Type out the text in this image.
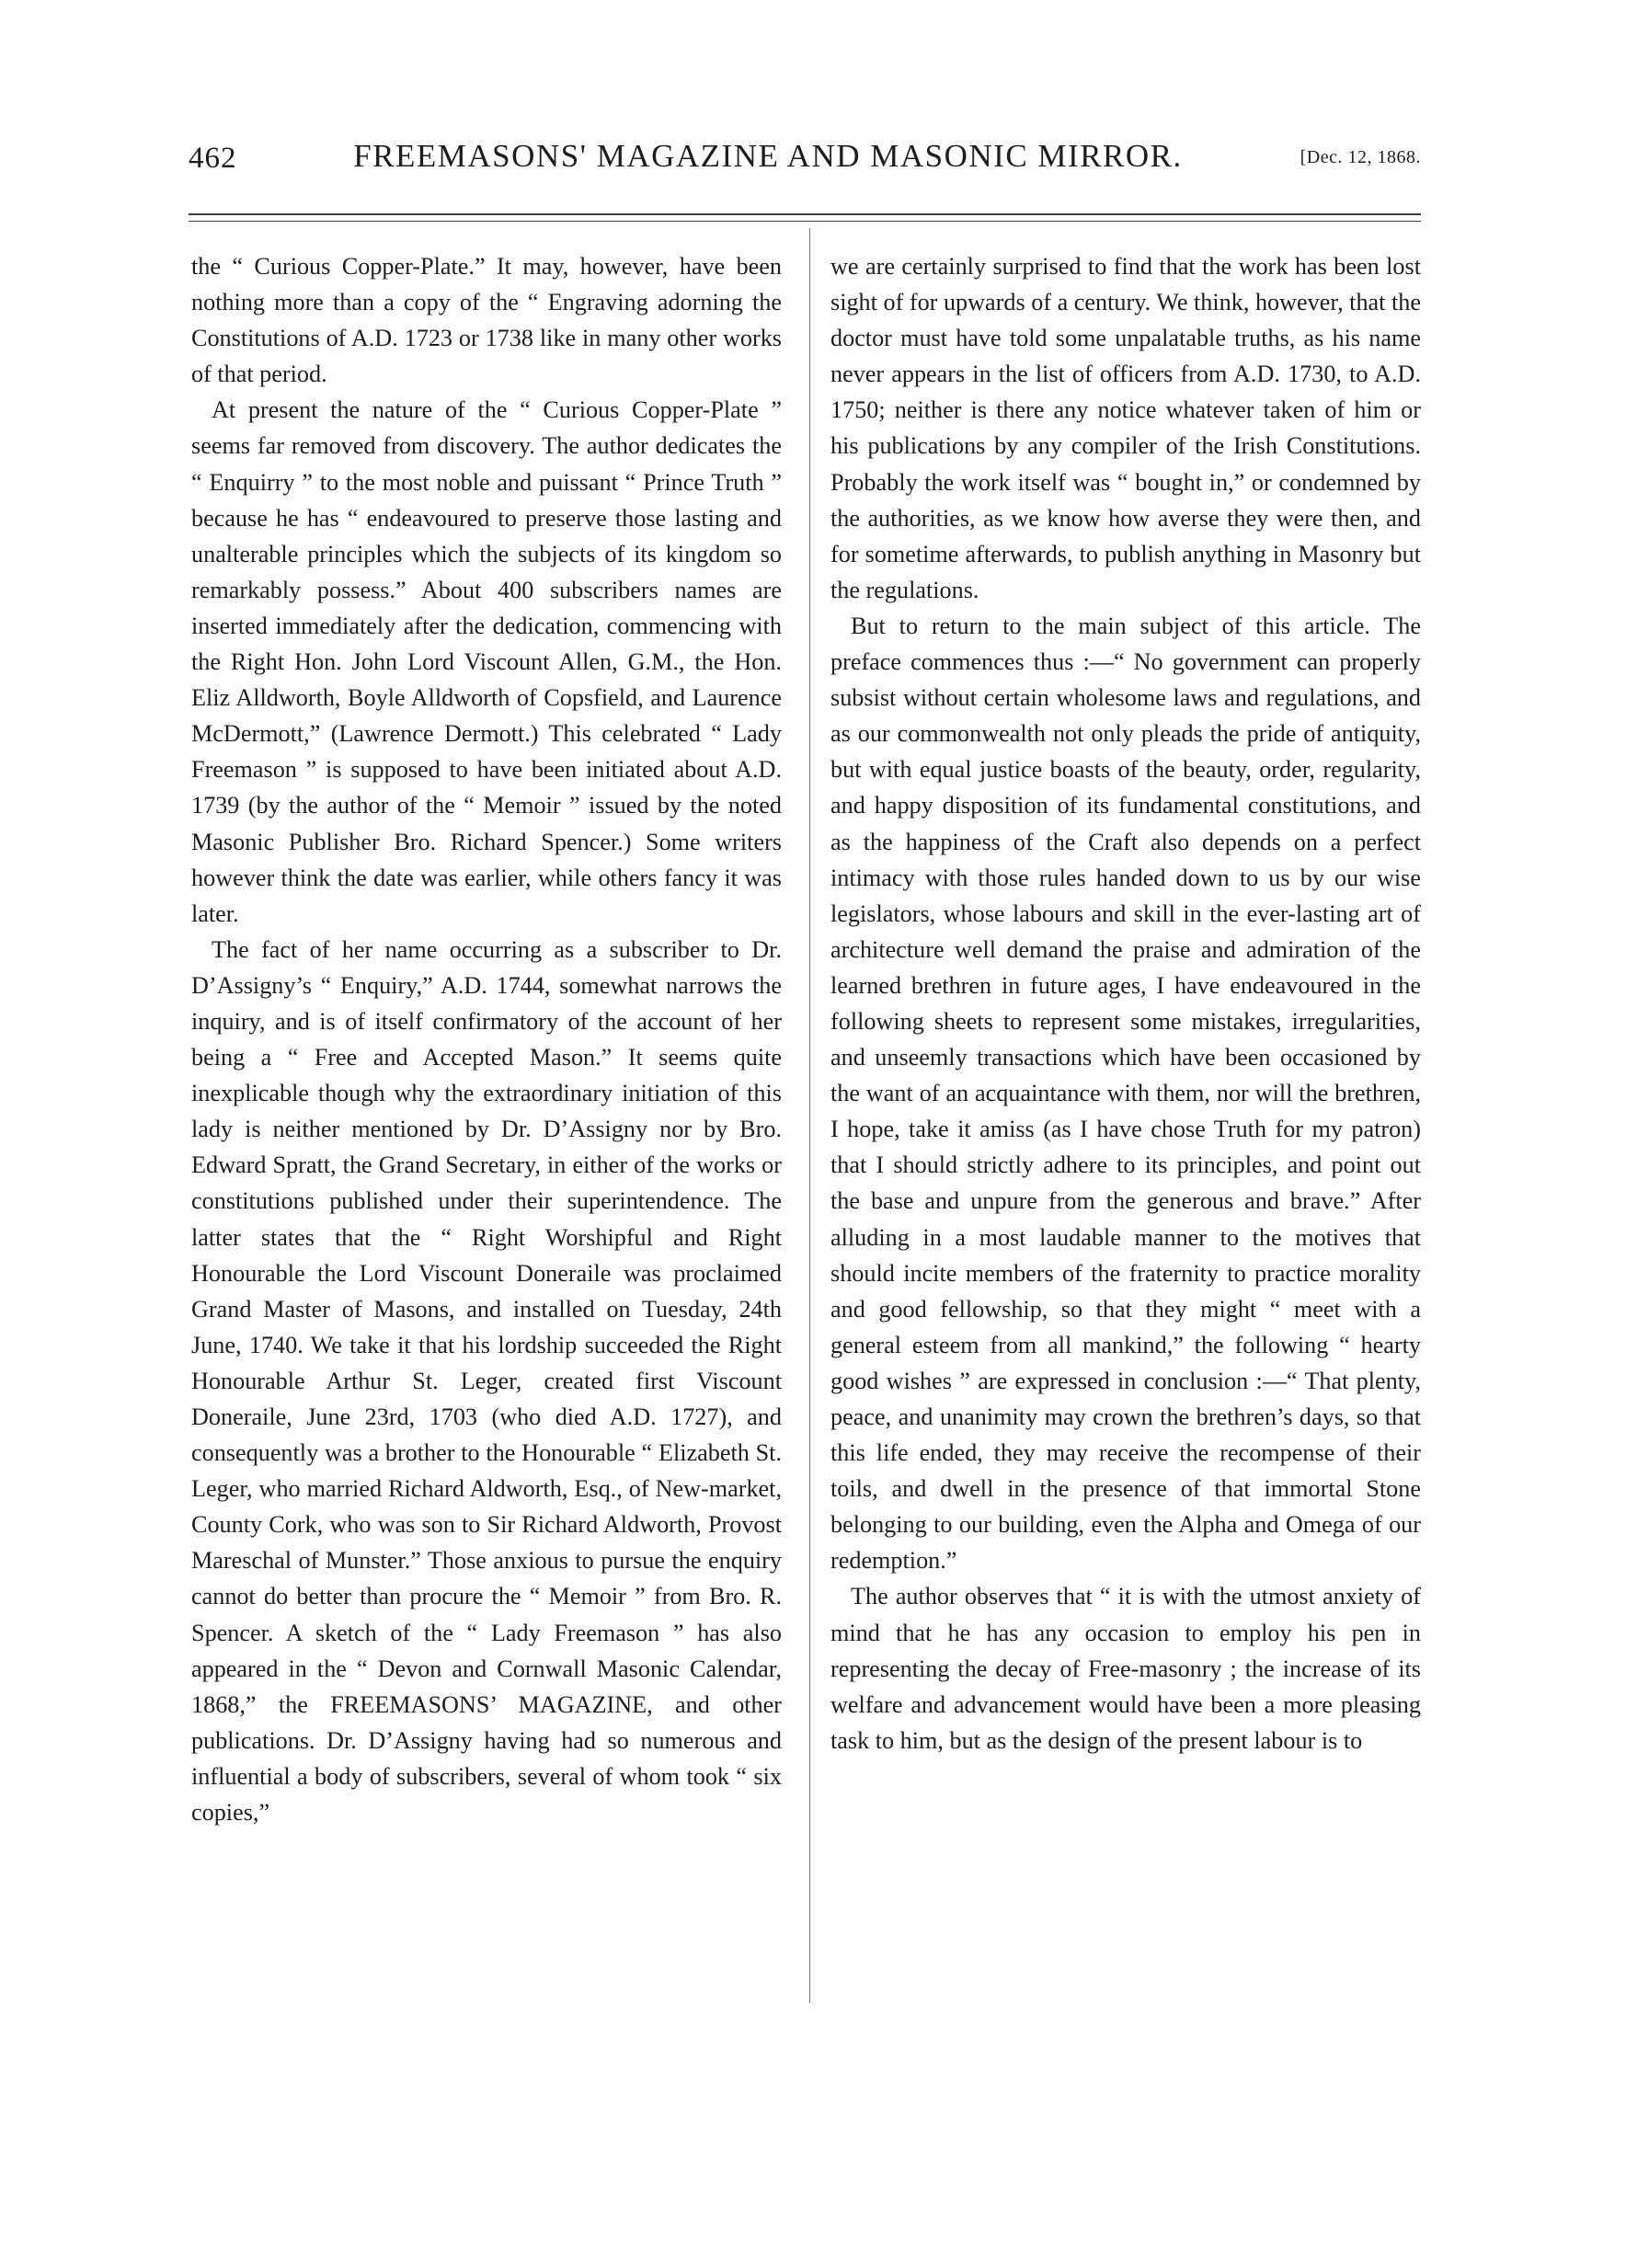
462	FREEMASONS' MAGAZINE AND MASONIC MIRROR.	[Dec. 12, 1868.

the “ Curious Copper-Plate.” It may, however, have been nothing more than a copy of the “ Engraving adorning the Constitutions of A.D. 1723 or 1738 like in many other works of that period.

At present the nature of the “ Curious Copper-Plate ” seems far removed from discovery. The author dedicates the “ Enquirry ” to the most noble and puissant “ Prince Truth ” because he has “ endeavoured to preserve those lasting and unalterable principles which the subjects of its kingdom so remarkably possess.” About 400 subscribers names are inserted immediately after the dedication, commencing with the Right Hon. John Lord Viscount Allen, G.M., the Hon. Eliz Alldworth, Boyle Alldworth of Copsfield, and Laurence McDermott,” (Lawrence Dermott.) This celebrated “ Lady Freemason ” is supposed to have been initiated about A.D. 1739 (by the author of the “ Memoir ” issued by the noted Masonic Publisher Bro. Richard Spencer.) Some writers however think the date was earlier, while others fancy it was later.

The fact of her name occurring as a subscriber to Dr. D’Assigny’s “ Enquiry,” A.D. 1744, somewhat narrows the inquiry, and is of itself confirmatory of the account of her being a “ Free and Accepted Mason.” It seems quite inexplicable though why the extraordinary initiation of this lady is neither mentioned by Dr. D’Assigny nor by Bro. Edward Spratt, the Grand Secretary, in either of the works or constitutions published under their superintendence. The latter states that the “ Right Worshipful and Right Honourable the Lord Viscount Doneraile was proclaimed Grand Master of Masons, and installed on Tuesday, 24th June, 1740. We take it that his lordship succeeded the Right Honourable Arthur St. Leger, created first Viscount Doneraile, June 23rd, 1703 (who died A.D. 1727), and consequently was a brother to the Honourable “ Elizabeth St. Leger, who married Richard Aldworth, Esq., of New-market, County Cork, who was son to Sir Richard Aldworth, Provost Mareschal of Munster.” Those anxious to pursue the enquiry cannot do better than procure the “ Memoir ” from Bro. R. Spencer. A sketch of the “ Lady Freemason ” has also appeared in the “ Devon and Cornwall Masonic Calendar, 1868,” the FREEMASONS’ MAGAZINE, and other publications. Dr. D’Assigny having had so numerous and influential a body of subscribers, several of whom took “ six copies,”

we are certainly surprised to find that the work has been lost sight of for upwards of a century. We think, however, that the doctor must have told some unpalatable truths, as his name never appears in the list of officers from A.D. 1730, to A.D. 1750; neither is there any notice whatever taken of him or his publications by any compiler of the Irish Constitutions. Probably the work itself was “ bought in,” or condemned by the authorities, as we know how averse they were then, and for sometime afterwards, to publish anything in Masonry but the regulations.

But to return to the main subject of this article. The preface commences thus :—“ No government can properly subsist without certain wholesome laws and regulations, and as our commonwealth not only pleads the pride of antiquity, but with equal justice boasts of the beauty, order, regularity, and happy disposition of its fundamental constitutions, and as the happiness of the Craft also depends on a perfect intimacy with those rules handed down to us by our wise legislators, whose labours and skill in the ever-lasting art of architecture well demand the praise and admiration of the learned brethren in future ages, I have endeavoured in the following sheets to represent some mistakes, irregularities, and unseemly transactions which have been occasioned by the want of an acquaintance with them, nor will the brethren, I hope, take it amiss (as I have chose Truth for my patron) that I should strictly adhere to its principles, and point out the base and unpure from the generous and brave.” After alluding in a most laudable manner to the motives that should incite members of the fraternity to practice morality and good fellowship, so that they might “ meet with a general esteem from all mankind,” the following “ hearty good wishes ” are expressed in conclusion :—“ That plenty, peace, and unanimity may crown the brethren’s days, so that this life ended, they may receive the recompense of their toils, and dwell in the presence of that immortal Stone belonging to our building, even the Alpha and Omega of our redemption.”

The author observes that “ it is with the utmost anxiety of mind that he has any occasion to employ his pen in representing the decay of Free-masonry ; the increase of its welfare and advancement would have been a more pleasing task to him, but as the design of the present labour is to
